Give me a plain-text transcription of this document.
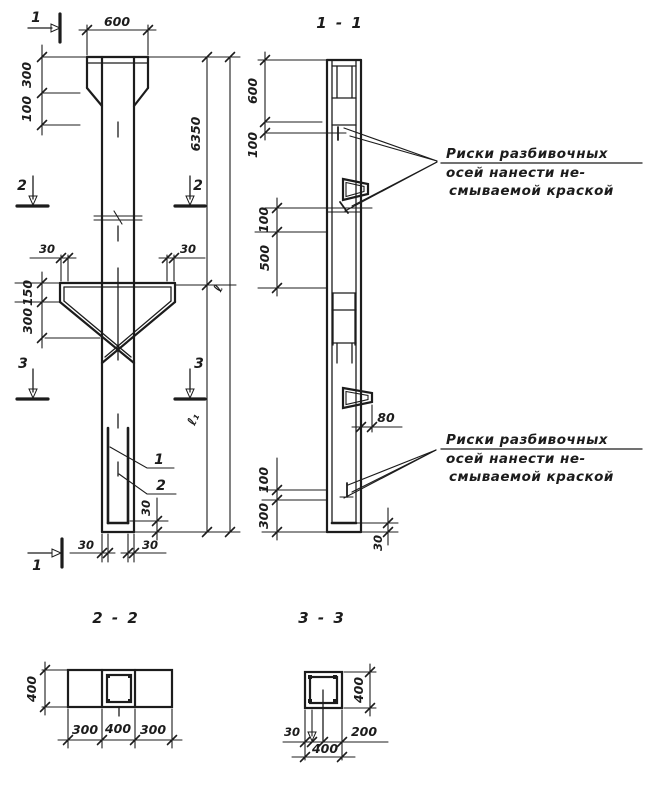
1	600
300
100
2	2
30	30
150
300
6350
ℓ
ℓ₁
3	3
1
2
30
30	30
1
1 - 1
600
100
100
500
80
100
300
30
Риски разбивочных
осей нанести не-
смываемой краской
Риски разбивочных
осей нанести не-
смываемой краской
2 - 2
400
300 400 300
3 - 3
400
30	200
400
